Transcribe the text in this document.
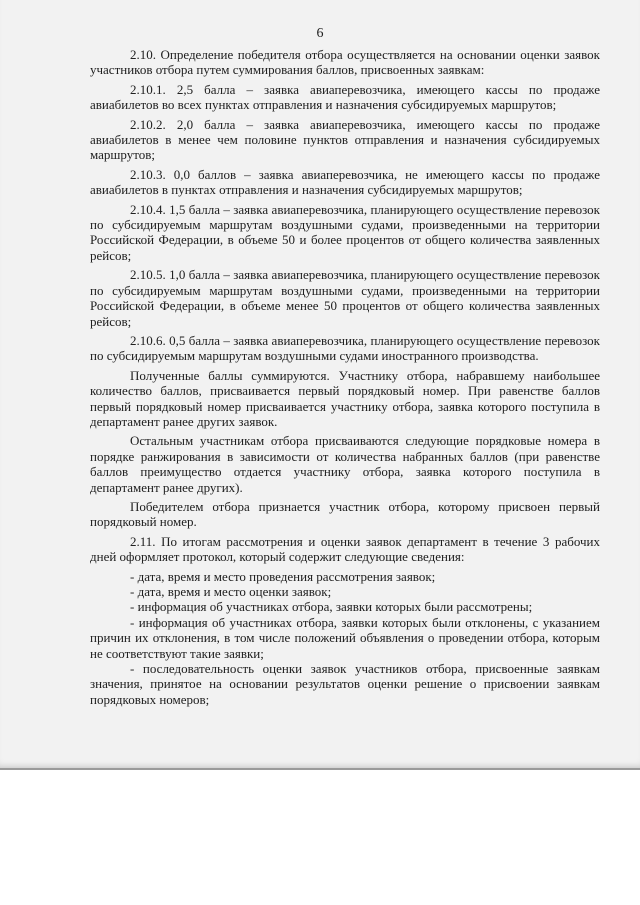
6

2.10. Определение победителя отбора осуществляется на основании оценки заявок участников отбора путем суммирования баллов, присвоенных заявкам:

2.10.1. 2,5 балла – заявка авиаперевозчика, имеющего кассы по продаже авиабилетов во всех пунктах отправления и назначения субсидируемых маршрутов;

2.10.2. 2,0 балла – заявка авиаперевозчика, имеющего кассы по продаже авиабилетов в менее чем половине пунктов отправления и назначения субсидируемых маршрутов;

2.10.3. 0,0 баллов – заявка авиаперевозчика, не имеющего кассы по продаже авиабилетов в пунктах отправления и назначения субсидируемых маршрутов;

2.10.4. 1,5 балла – заявка авиаперевозчика, планирующего осуществление перевозок по субсидируемым маршрутам воздушными судами, произведенными на территории Российской Федерации, в объеме 50 и более процентов от общего количества заявленных рейсов;

2.10.5. 1,0 балла – заявка авиаперевозчика, планирующего осуществление перевозок по субсидируемым маршрутам воздушными судами, произведенными на территории Российской Федерации, в объеме менее 50 процентов от общего количества заявленных рейсов;

2.10.6. 0,5 балла – заявка авиаперевозчика, планирующего осуществление перевозок по субсидируемым маршрутам воздушными судами иностранного производства.

Полученные баллы суммируются. Участнику отбора, набравшему наибольшее количество баллов, присваивается первый порядковый номер. При равенстве баллов первый порядковый номер присваивается участнику отбора, заявка которого поступила в департамент ранее других заявок.

Остальным участникам отбора присваиваются следующие порядковые номера в порядке ранжирования в зависимости от количества набранных баллов (при равенстве баллов преимущество отдается участнику отбора, заявка которого поступила в департамент ранее других).

Победителем отбора признается участник отбора, которому присвоен первый порядковый номер.

2.11. По итогам рассмотрения и оценки заявок департамент в течение 3 рабочих дней оформляет протокол, который содержит следующие сведения:

- дата, время и место проведения рассмотрения заявок;

- дата, время и место оценки заявок;

- информация об участниках отбора, заявки которых были рассмотрены;

- информация об участниках отбора, заявки которых были отклонены, с указанием причин их отклонения, в том числе положений объявления о проведении отбора, которым не соответствуют такие заявки;

- последовательность оценки заявок участников отбора, присвоенные заявкам значения, принятое на основании результатов оценки решение о присвоении заявкам порядковых номеров;
